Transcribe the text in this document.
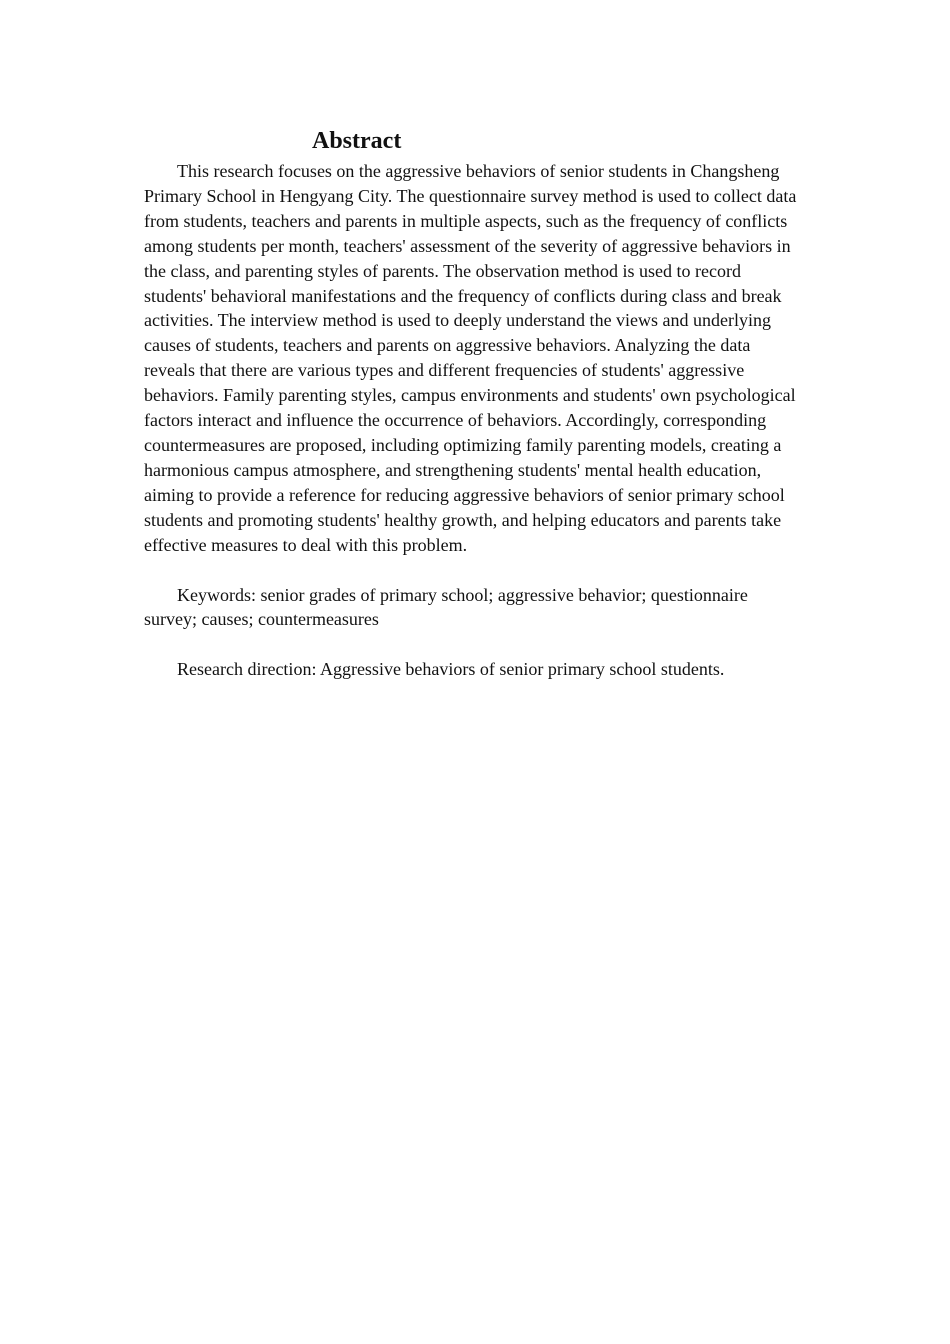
Abstract

This research focuses on the aggressive behaviors of senior students in Changsheng Primary School in Hengyang City. The questionnaire survey method is used to collect data from students, teachers and parents in multiple aspects, such as the frequency of conflicts among students per month, teachers' assessment of the severity of aggressive behaviors in the class, and parenting styles of parents. The observation method is used to record students' behavioral manifestations and the frequency of conflicts during class and break activities. The interview method is used to deeply understand the views and underlying causes of students, teachers and parents on aggressive behaviors. Analyzing the data reveals that there are various types and different frequencies of students' aggressive behaviors. Family parenting styles, campus environments and students' own psychological factors interact and influence the occurrence of behaviors. Accordingly, corresponding countermeasures are proposed, including optimizing family parenting models, creating a harmonious campus atmosphere, and strengthening students' mental health education, aiming to provide a reference for reducing aggressive behaviors of senior primary school students and promoting students' healthy growth, and helping educators and parents take effective measures to deal with this problem.

Keywords: senior grades of primary school; aggressive behavior; questionnaire survey; causes; countermeasures

Research direction: Aggressive behaviors of senior primary school students.
